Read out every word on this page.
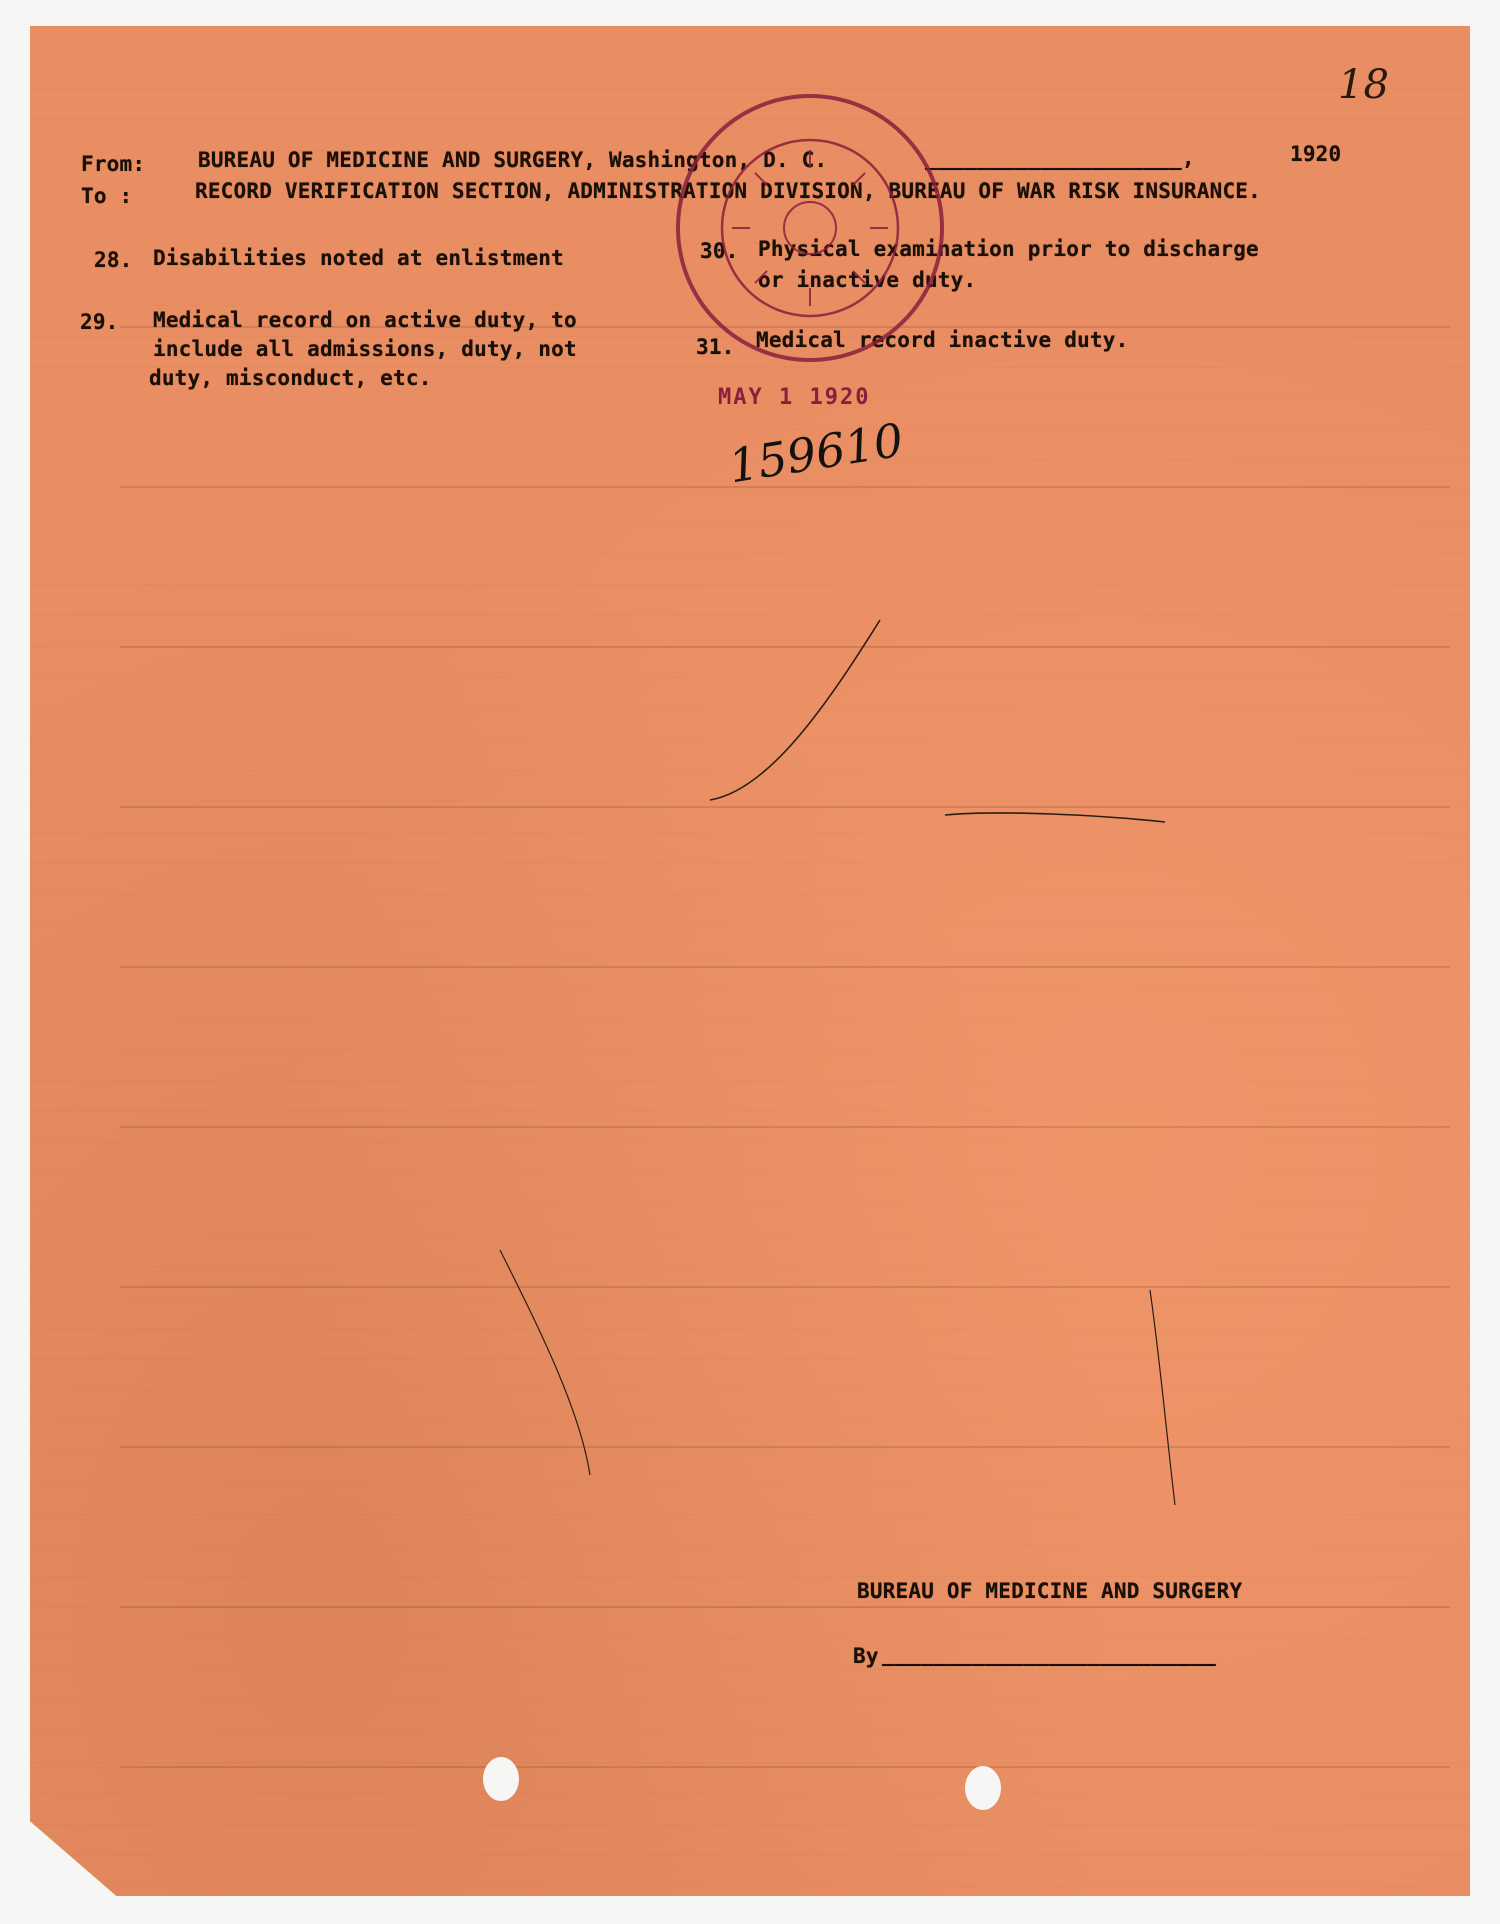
18
From:	BUREAU OF MEDICINE AND SURGERY, Washington, D. C.	____________________,	1920
To :	RECORD VERIFICATION SECTION, ADMINISTRATION DIVISION, BUREAU OF WAR RISK INSURANCE.
28. Disabilities noted at enlistment
29. Medical record on active duty, to
include all admissions, duty, not
duty, misconduct, etc.
30. Physical examination prior to discharge
or inactive duty.
31. Medical record inactive duty.
MAY 1 1920
159610
BUREAU OF MEDICINE AND SURGERY
By __________________________
